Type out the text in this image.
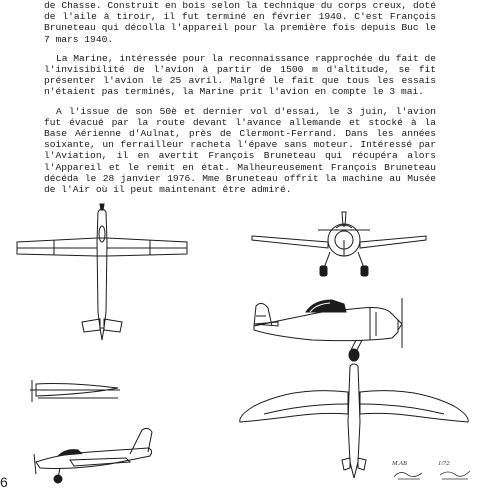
de Chasse. Construit en bois selon la technique du corps creux, doté de l'aile à tiroir, il fut terminé en février 1940. C'est François Bruneteau qui décolla l'appareil pour la première fois depuis Buc le 7 mars 1940.

La Marine, intéressée pour la reconnaissance rapprochée du fait de l'invisibilité de l'avion à partir de 1500 m d'altitude, se fit présenter l'avion le 25 avril. Malgré le fait que tous les essais n'étaient pas terminés, la Marine prit l'avion en compte le 3 mai.

A l'issue de son 50è et dernier vol d'essai, le 3 juin, l'avion fut évacué par la route devant l'avance allemande et stocké à la Base Aérienne d'Aulnat, près de Clermont-Ferrand. Dans les années soixante, un ferrailleur racheta l'épave sans moteur. Intéressé par l'Aviation, il en avertit François Bruneteau qui récupéra alors l'Appareil et le remit en état. Malheureusement François Bruneteau décéda le 28 janvier 1976. Mme Bruneteau offrit la machine au Musée de l'Air où il peut maintenant être admiré.

M.AB	1/72
6
